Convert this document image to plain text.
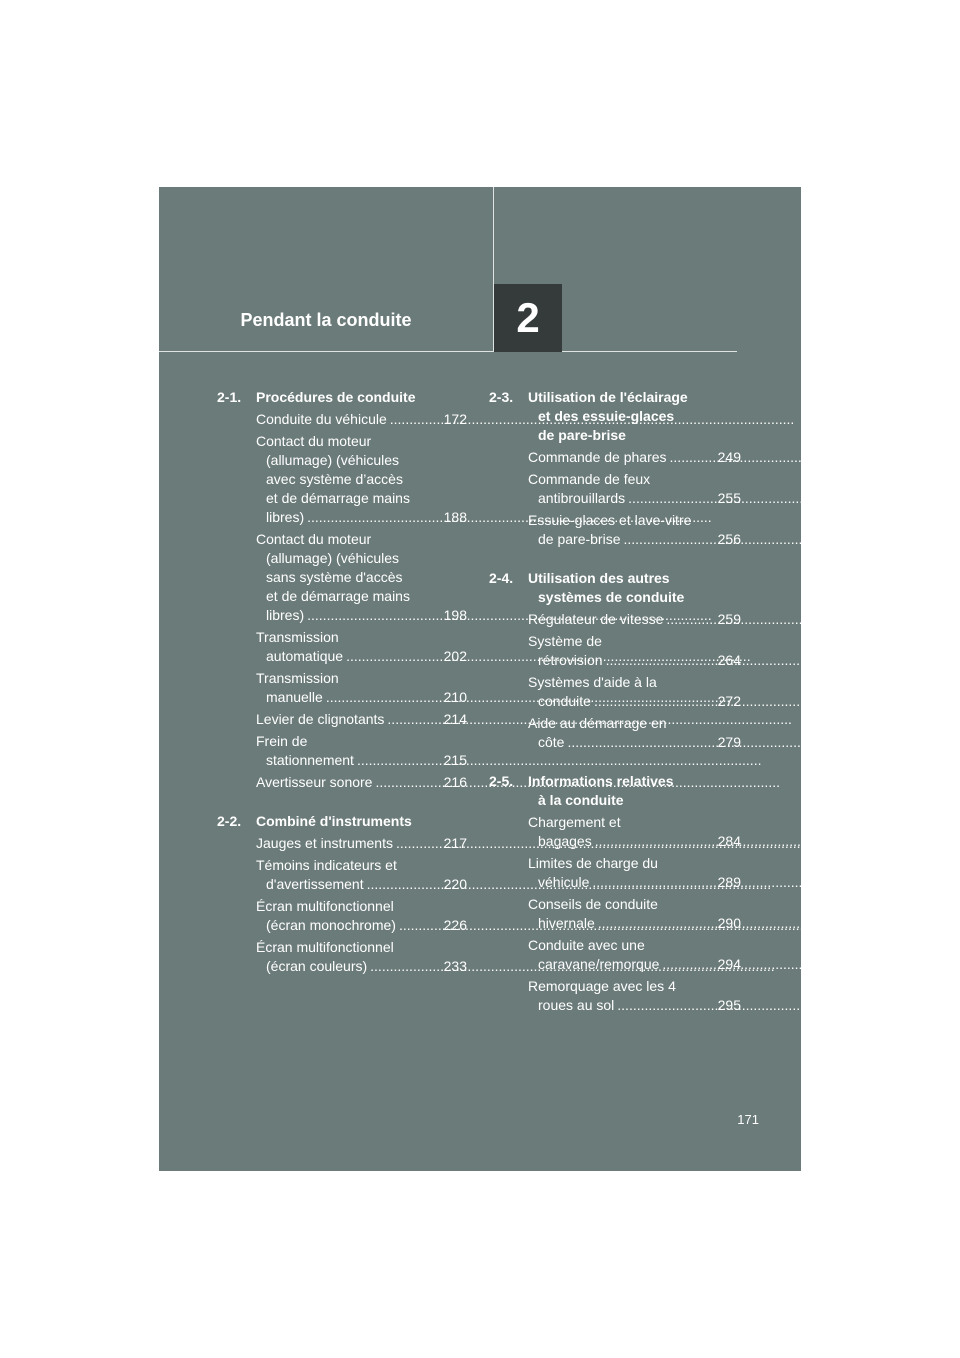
Pendant la conduite	2
2-1.	Procédures de conduite
Conduite du véhicule .....	172
Contact du moteur
(allumage) (véhicules
avec système d’accès
et de démarrage mains
libres) .....	188
Contact du moteur
(allumage) (véhicules
sans système d'accès
et de démarrage mains
libres) .....	198
Transmission
automatique .....	202
Transmission
manuelle .....	210
Levier de clignotants .....	214
Frein de
stationnement .....	215
Avertisseur sonore .....	216
2-2.	Combiné d'instruments
Jauges et instruments .....	217
Témoins indicateurs et
d'avertissement .....	220
Écran multifonctionnel
(écran monochrome) .....	226
Écran multifonctionnel
(écran couleurs) .....	233
2-3.	Utilisation de l'éclairage
et des essuie-glaces
de pare-brise
Commande de phares .....	249
Commande de feux
antibrouillards .....	255
Essuie-glaces et lave-vitre
de pare-brise .....	256
2-4.	Utilisation des autres
systèmes de conduite
Régulateur de vitesse .....	259
Système de
rétrovision .....	264
Systèmes d'aide à la
conduite .....	272
Aide au démarrage en
côte .....	279
2-5.	Informations relatives
à la conduite
Chargement et
bagages .....	284
Limites de charge du
véhicule .....	289
Conseils de conduite
hivernale .....	290
Conduite avec une
caravane/remorque .....	294
Remorquage avec les 4
roues au sol .....	295
171
